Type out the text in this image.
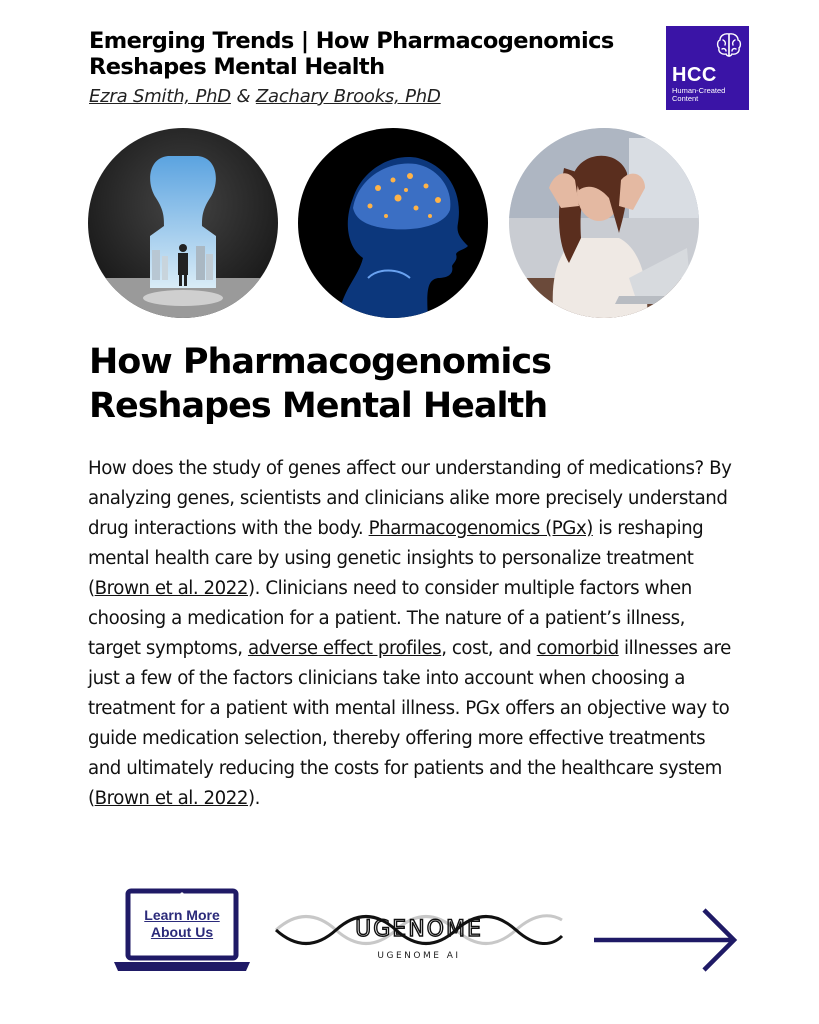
Emerging Trends | How Pharmacogenomics Reshapes Mental Health
Ezra Smith, PhD & Zachary Brooks, PhD
HCC
Human-Created
Content
How Pharmacogenomics Reshapes Mental Health

How does the study of genes affect our understanding of medications? By analyzing genes, scientists and clinicians alike more precisely understand drug interactions with the body. Pharmacogenomics (PGx) is reshaping mental health care by using genetic insights to personalize treatment (Brown et al. 2022). Clinicians need to consider multiple factors when choosing a medication for a patient. The nature of a patient’s illness, target symptoms, adverse effect profiles, cost, and comorbid illnesses are just a few of the factors clinicians take into account when choosing a treatment for a patient with mental illness. PGx offers an objective way to guide medication selection, thereby offering more effective treatments and ultimately reducing the costs for patients and the healthcare system (Brown et al. 2022).

Learn More
About Us	UGENOME
UGENOME AI
